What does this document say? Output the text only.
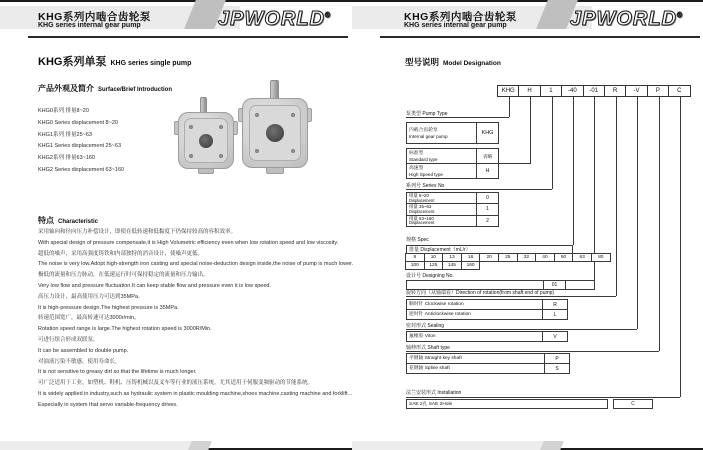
KHG系列内啮合齿轮泵
KHG series internal gear pump	JPWORLD®
KHG系列单泵 KHG series single pump
产品外观及简介 Surface/Brief Introduction
KHG0系列 排量8~20
KHG0 Series displacement 8~20
KHG1系列 排量25~63
KHG1 Series displacement 25~63
KHG2系列 排量63~160
KHG2 Series displacement 63~160
特点 Characteristic
采用轴向和径向压力补偿设计，即使在低转速和低黏度下仍保持较高的容积效率。
With special design of pressure compensate,it is High Volumetric efficiency even when low rotation speed and low viscosity.
超低的噪声，采用高强度铸铁和内部独特的消音设计，使噪声更低。
The noise is very low.Adopt high-strength iron casting and special noise-deduction design inside,the noise of pump is much lower.
极低的流量和压力脉动，在低速运行时可保持稳定的流量和压力输出。
Very low flow and pressure fluctuation.It can keep stable flow and pressure even it is low speed.
高压力设计，最高使用压力可达到35MPa。
It is high-pressure design.The highest pressure is 35MPa.
转速范围宽广，最高转速可达3000r/min。
Rotation speed range is large.The highest rotation speed is 3000R/Min.
可进行组合形成双联泵。
It can be assembled to double pump.
对油液污染不敏感，使用寿命长。
It is not sensitive to greasy dirt so that the lifetime is much longer.
可广泛适用于工业，如塑机、鞋机、压铸机械以及叉车等行业的液压系统。尤其适用于伺服变频驱动的节能系统。
It is widely applied in industry,such as hydraulic system in plastic moulding machine,shoes machine,casting machine and forklift...
Especially in system that servo variable-frequency drives.
KHG系列内啮合齿轮泵
KHG series internal gear pump	JPWORLD®
型号说明 Model Designation
KHG	H	1	-40	-01	R	-V	P	C
泵类型 Pump Type
内啮合齿轮泵
Internal gear pump
KHG
标准型
Standard type	省略
高速型
High Speed type
H
系列号 Series No
排量 8~20
Displacement	0
排量 25~63
Displacement	1
排量 63~160
Displacement	2
规格 Spec
排量 Displacement（mL/r）
8	10	13	16	20	25	32	40	50	63	80
100	125	145	160
设计号 Designing No.
01
旋转方向（从轴端看）Direction of rotation(from shaft end of pump)
顺时针 Clockwise rotation	R
逆时针 Anticlockwise rotation	L
密封形式 Sealing
氟橡胶 Viton	V
轴伸形式 Shaft type
平键轴 Straight key shaft	P
花键轴 Spline shaft	S
法兰安装形式 Installation
SAE 2孔 SAE 2Hole	C
